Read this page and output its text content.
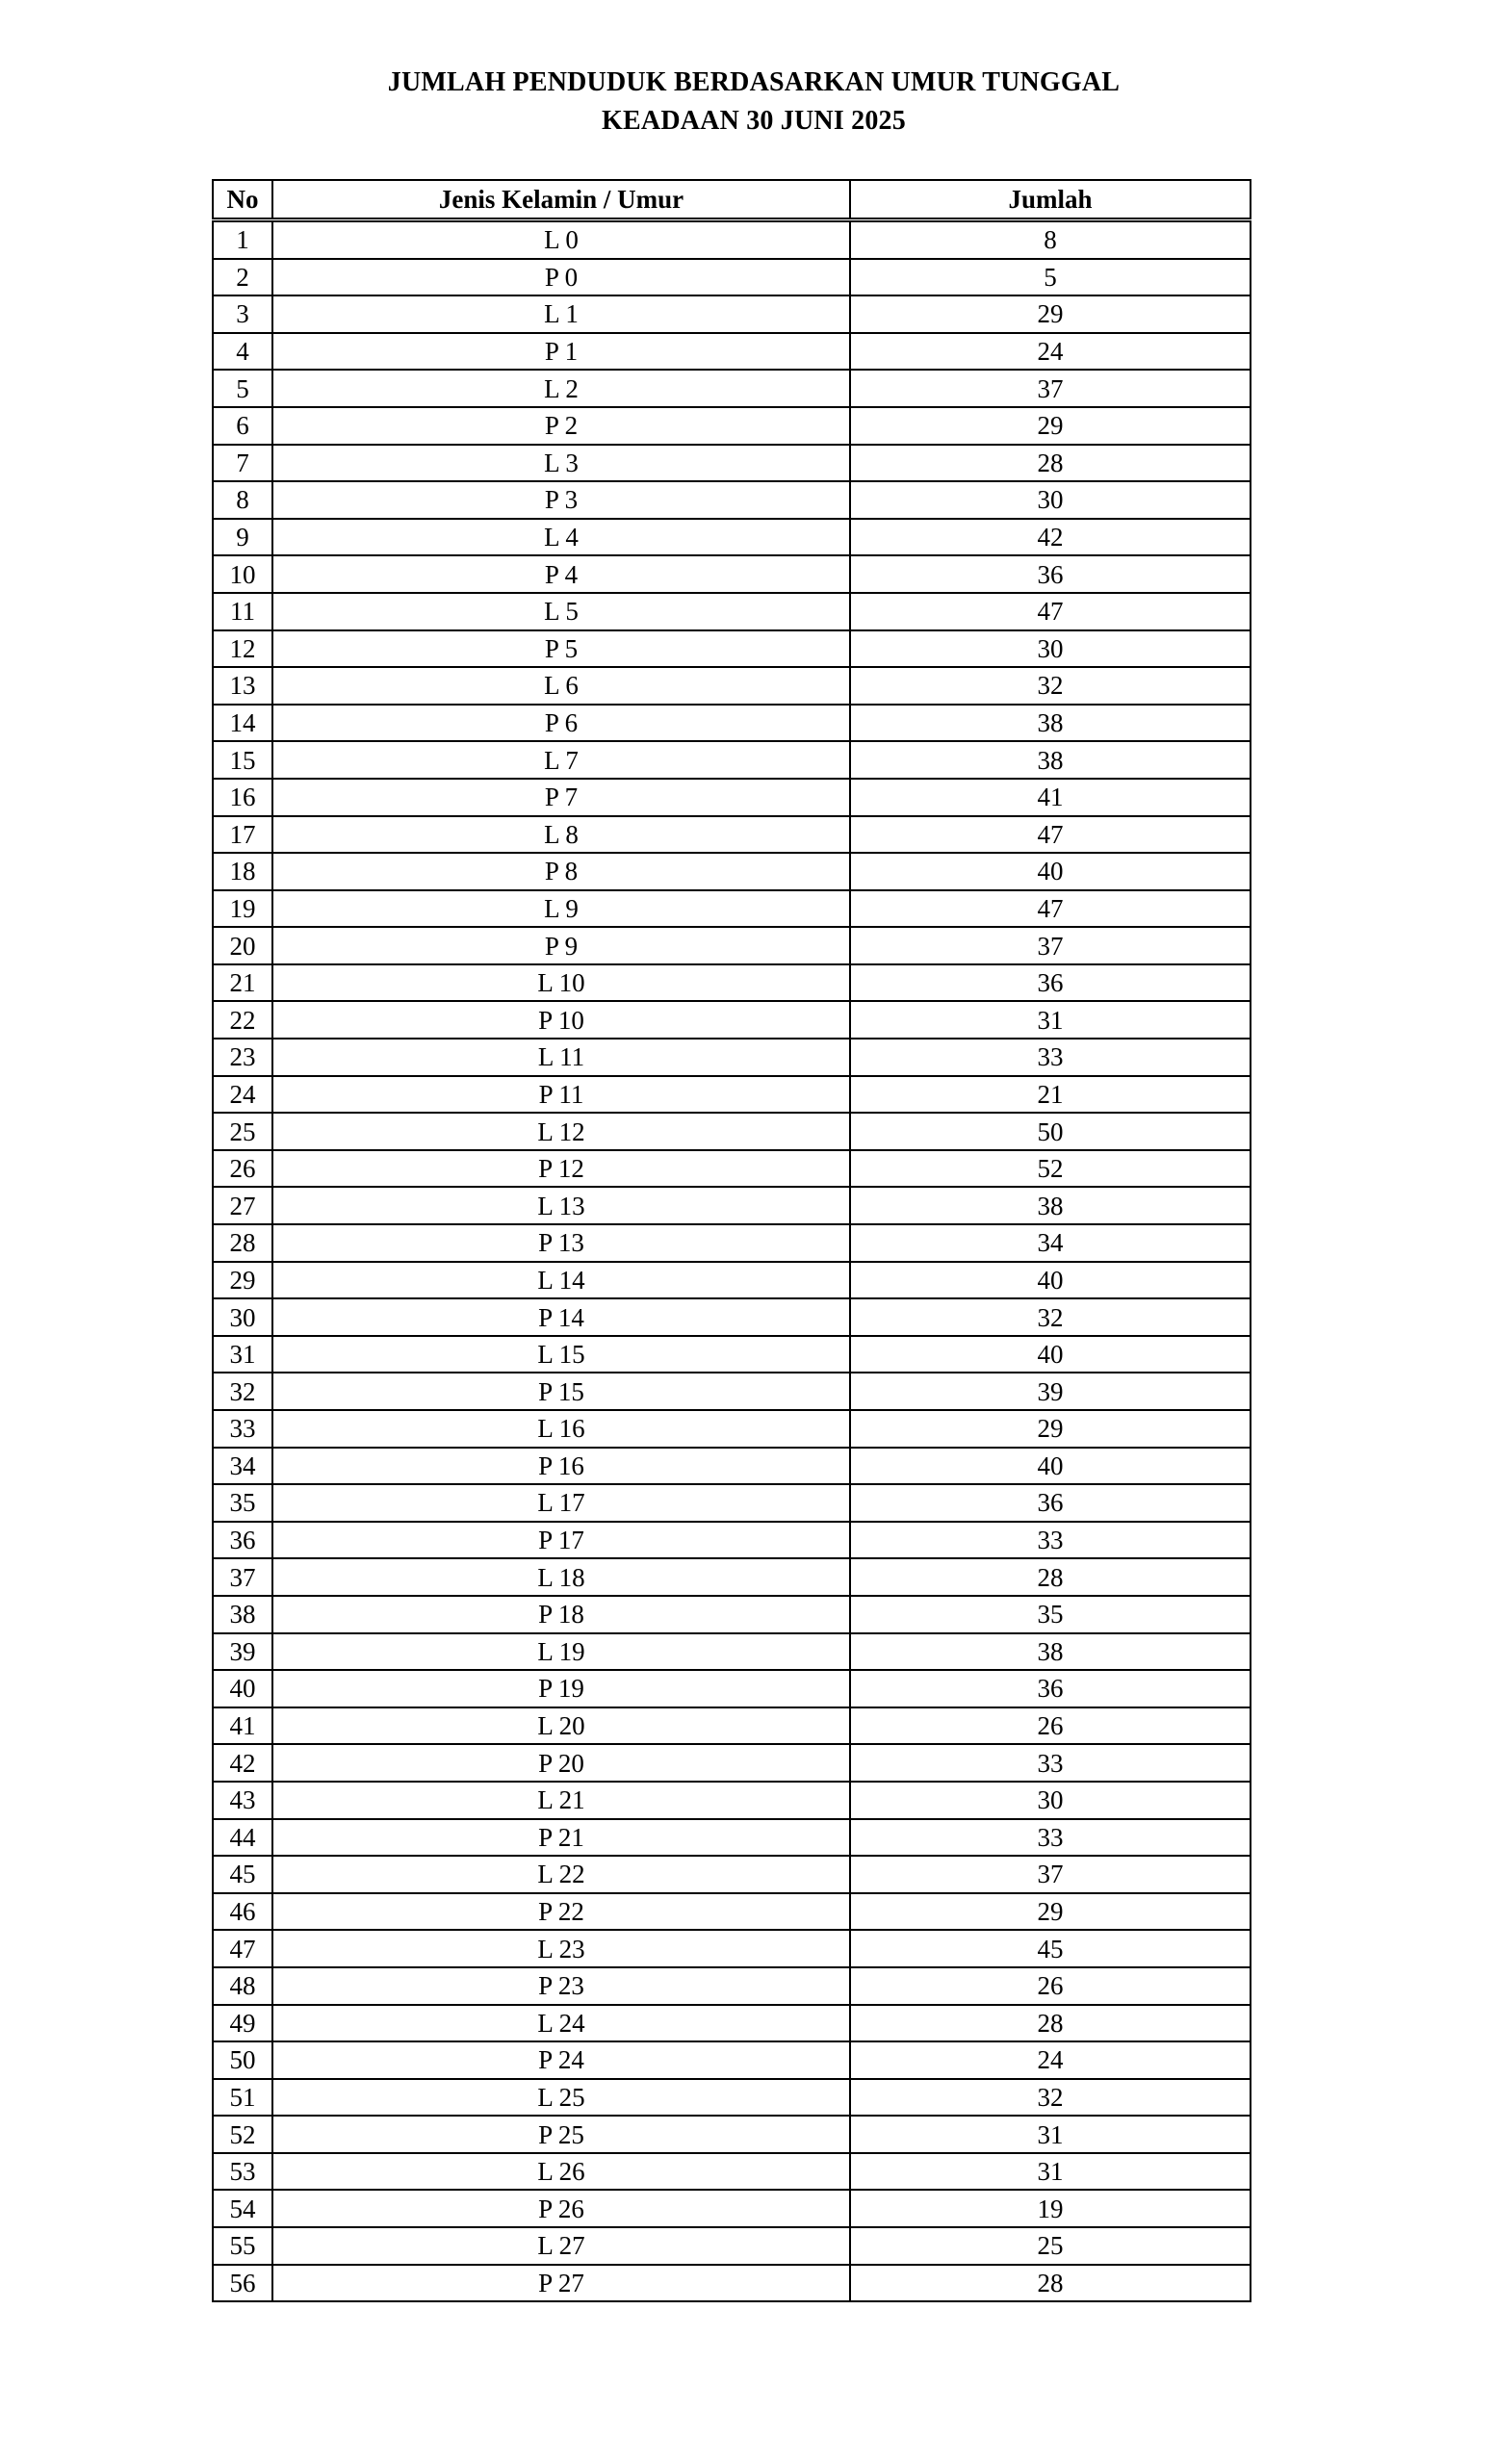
JUMLAH PENDUDUK BERDASARKAN UMUR TUNGGAL
KEADAAN 30 JUNI 2025
No	Jenis Kelamin / Umur	Jumlah
1	L 0	8
2	P 0	5
3	L 1	29
4	P 1	24
5	L 2	37
6	P 2	29
7	L 3	28
8	P 3	30
9	L 4	42
10	P 4	36
11	L 5	47
12	P 5	30
13	L 6	32
14	P 6	38
15	L 7	38
16	P 7	41
17	L 8	47
18	P 8	40
19	L 9	47
20	P 9	37
21	L 10	36
22	P 10	31
23	L 11	33
24	P 11	21
25	L 12	50
26	P 12	52
27	L 13	38
28	P 13	34
29	L 14	40
30	P 14	32
31	L 15	40
32	P 15	39
33	L 16	29
34	P 16	40
35	L 17	36
36	P 17	33
37	L 18	28
38	P 18	35
39	L 19	38
40	P 19	36
41	L 20	26
42	P 20	33
43	L 21	30
44	P 21	33
45	L 22	37
46	P 22	29
47	L 23	45
48	P 23	26
49	L 24	28
50	P 24	24
51	L 25	32
52	P 25	31
53	L 26	31
54	P 26	19
55	L 27	25
56	P 27	28
